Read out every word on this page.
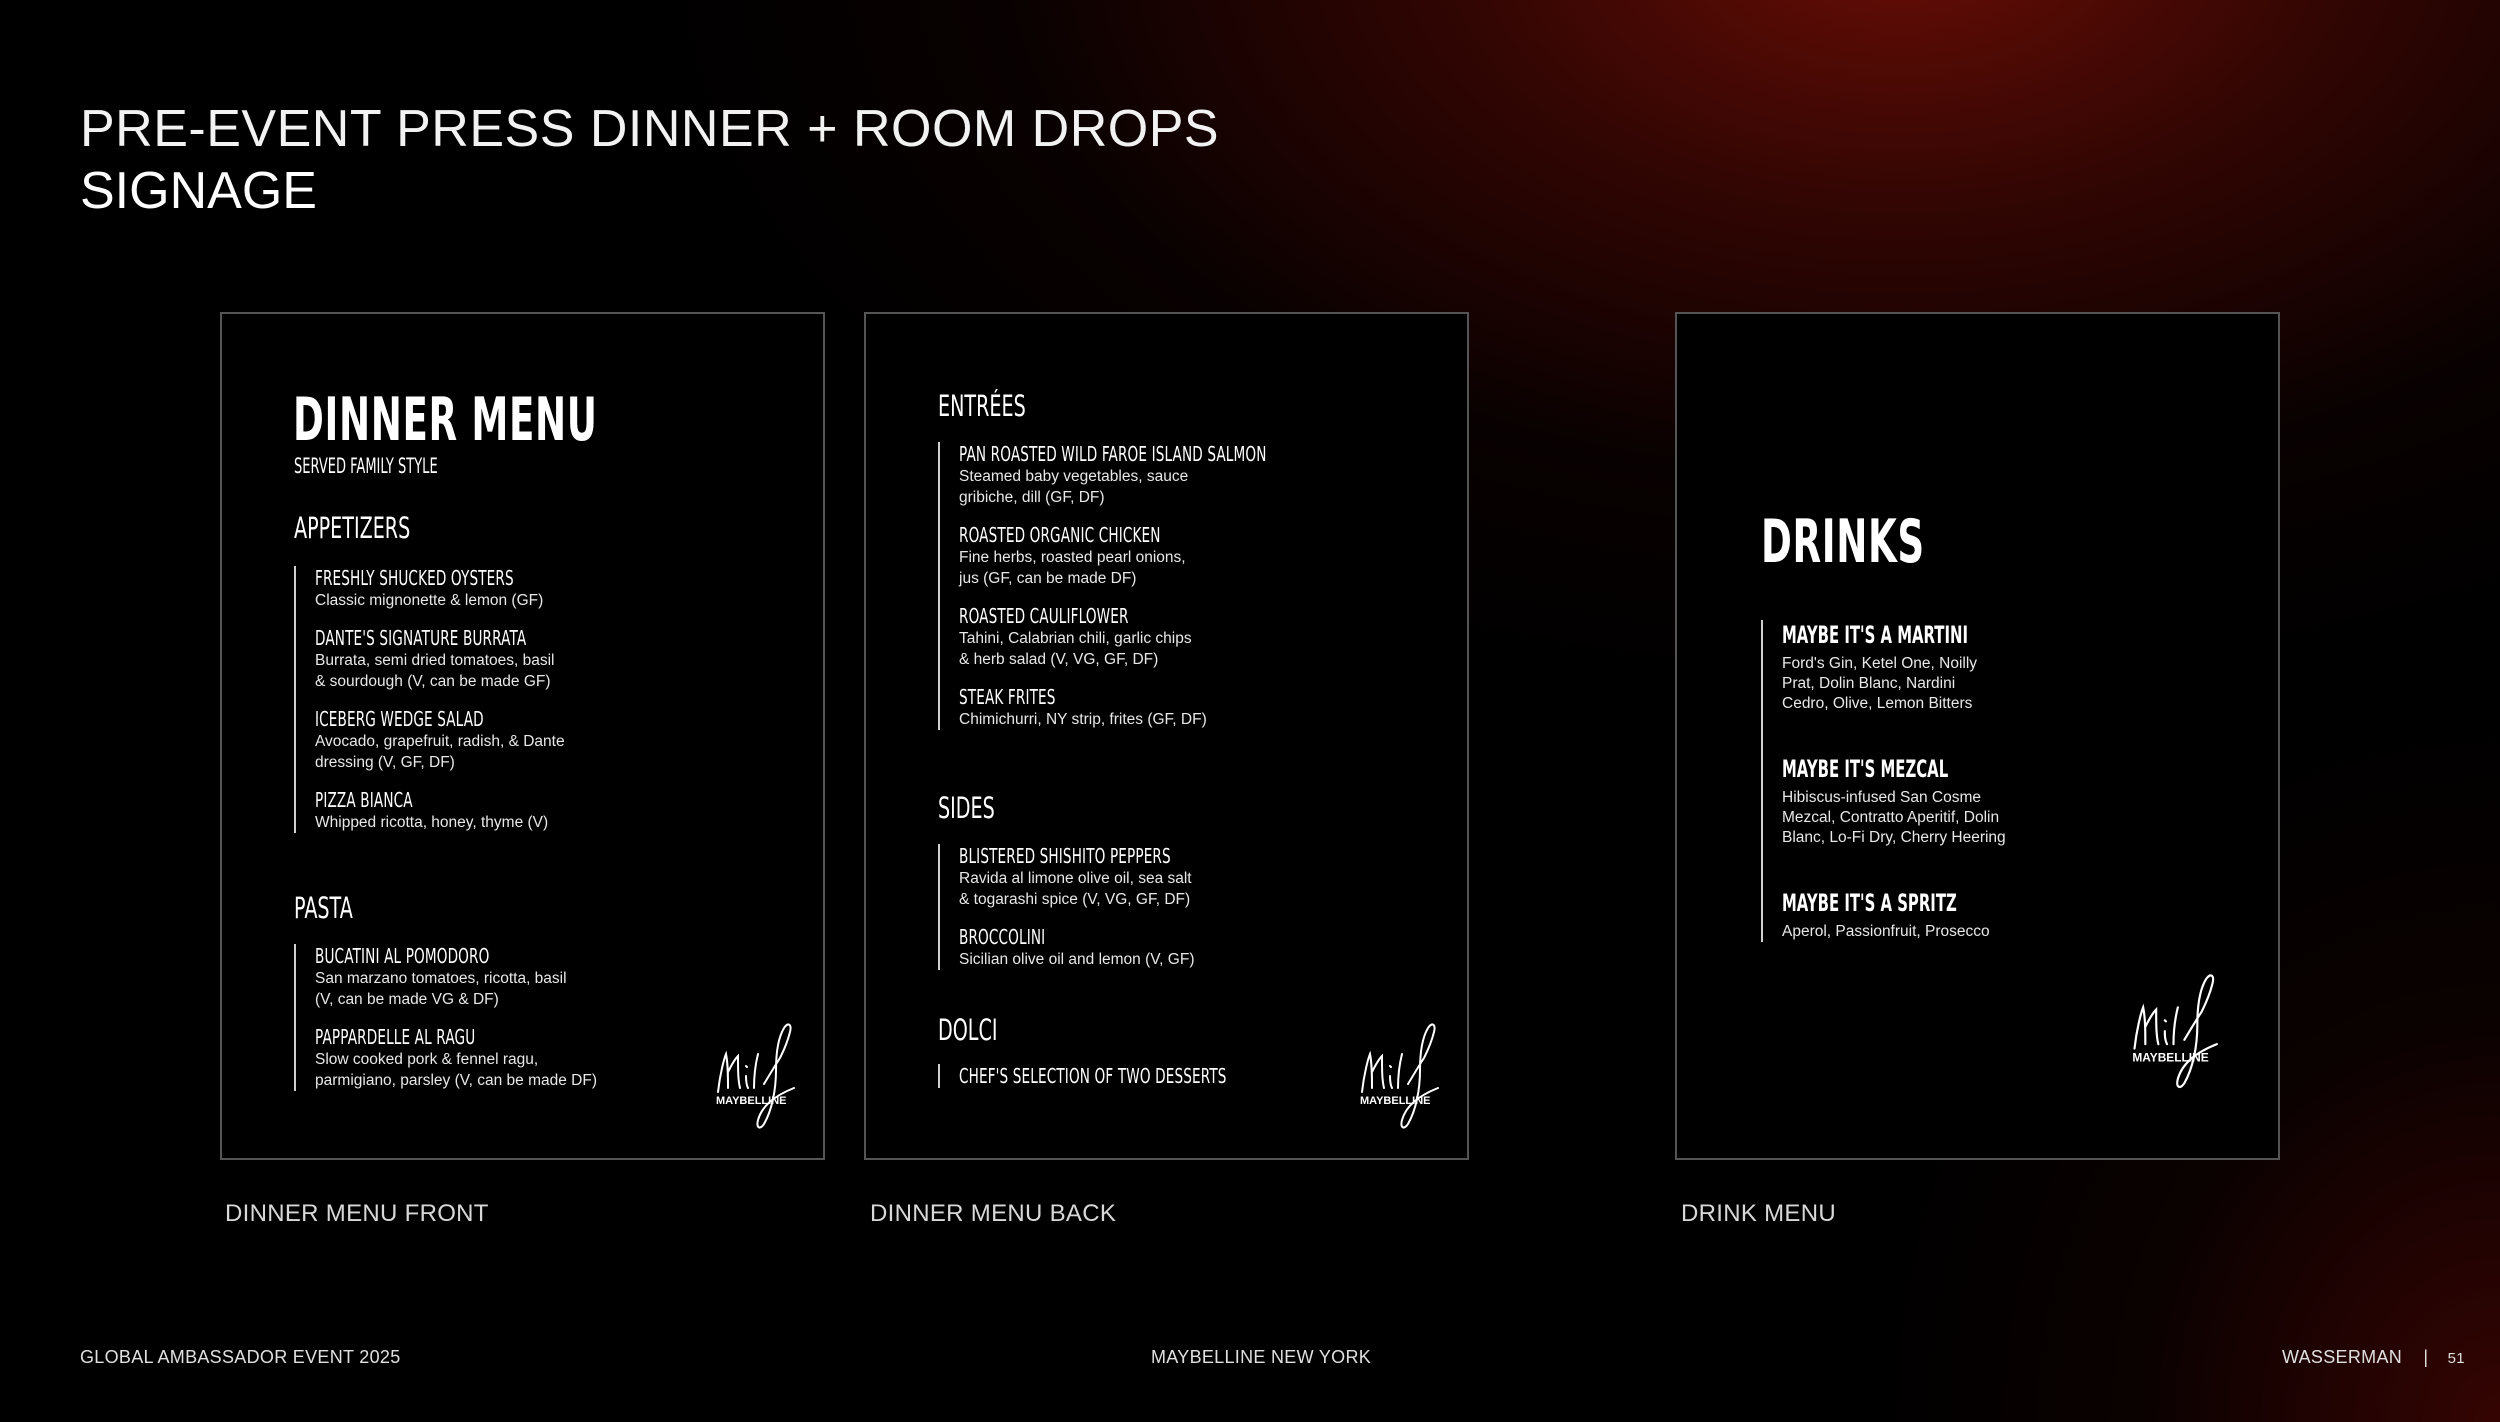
PRE-EVENT PRESS DINNER + ROOM DROPS
SIGNAGE
DINNER MENU
SERVED FAMILY STYLE
APPETIZERS
FRESHLY SHUCKED OYSTERS
Classic mignonette & lemon (GF)
DANTE'S SIGNATURE BURRATA
Burrata, semi dried tomatoes, basil
& sourdough (V, can be made GF)
ICEBERG WEDGE SALAD
Avocado, grapefruit, radish, & Dante
dressing (V, GF, DF)
PIZZA BIANCA
Whipped ricotta, honey, thyme (V)
PASTA
BUCATINI AL POMODORO
San marzano tomatoes, ricotta, basil
(V, can be made VG & DF)
PAPPARDELLE AL RAGU
Slow cooked pork & fennel ragu,
parmigiano, parsley (V, can be made DF)
MAYBELLINE
ENTRÉES
PAN ROASTED WILD FAROE ISLAND SALMON
Steamed baby vegetables, sauce
gribiche, dill (GF, DF)
ROASTED ORGANIC CHICKEN
Fine herbs, roasted pearl onions,
jus (GF, can be made DF)
ROASTED CAULIFLOWER
Tahini, Calabrian chili, garlic chips
& herb salad (V, VG, GF, DF)
STEAK FRITES
Chimichurri, NY strip, frites (GF, DF)
SIDES
BLISTERED SHISHITO PEPPERS
Ravida al limone olive oil, sea salt
& togarashi spice (V, VG, GF, DF)
BROCCOLINI
Sicilian olive oil and lemon (V, GF)
DOLCI
CHEF'S SELECTION OF TWO DESSERTS
MAYBELLINE
DRINKS
MAYBE IT'S A MARTINI
Ford's Gin, Ketel One, Noilly
Prat, Dolin Blanc, Nardini
Cedro, Olive, Lemon Bitters
MAYBE IT'S MEZCAL
Hibiscus-infused San Cosme
Mezcal, Contratto Aperitif, Dolin
Blanc, Lo-Fi Dry, Cherry Heering
MAYBE IT'S A SPRITZ
Aperol, Passionfruit, Prosecco
MAYBELLINE
DINNER MENU FRONT	DINNER MENU BACK	DRINK MENU
GLOBAL AMBASSADOR EVENT 2025	MAYBELLINE NEW YORK	WASSERMAN | 51
